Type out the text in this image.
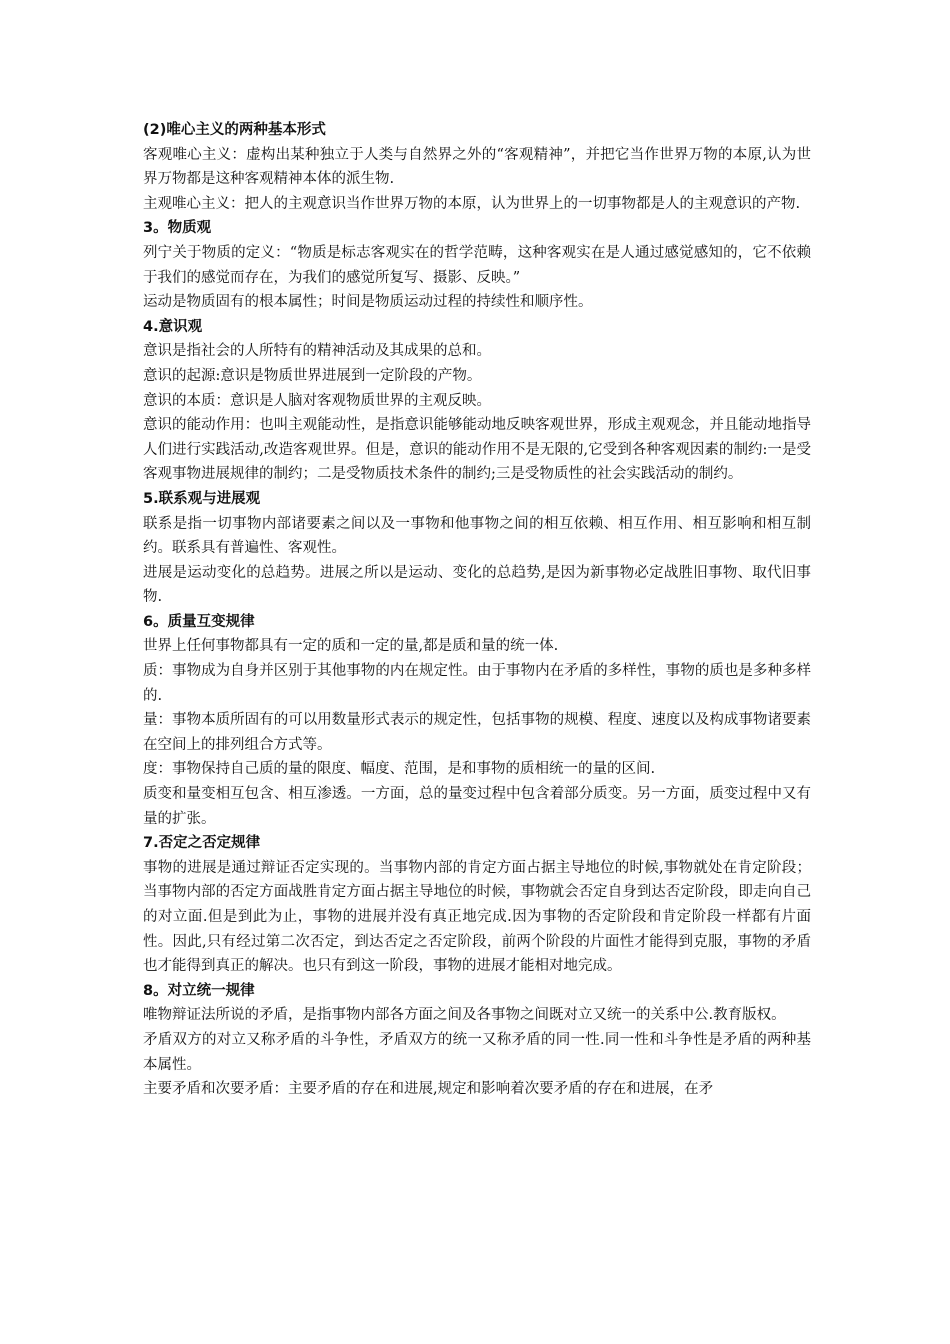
(2)唯心主义的两种基本形式

客观唯心主义：虚构出某种独立于人类与自然界之外的“客观精神”，并把它当作世界万物的本原,认为世界万物都是这种客观精神本体的派生物.

主观唯心主义：把人的主观意识当作世界万物的本原，认为世界上的一切事物都是人的主观意识的产物.

3。物质观

列宁关于物质的定义：“物质是标志客观实在的哲学范畴，这种客观实在是人通过感觉感知的，它不依赖于我们的感觉而存在，为我们的感觉所复写、摄影、反映。”

运动是物质固有的根本属性；时间是物质运动过程的持续性和顺序性。

4.意识观

意识是指社会的人所特有的精神活动及其成果的总和。

意识的起源:意识是物质世界进展到一定阶段的产物。

意识的本质：意识是人脑对客观物质世界的主观反映。

意识的能动作用：也叫主观能动性，是指意识能够能动地反映客观世界，形成主观观念，并且能动地指导人们进行实践活动,改造客观世界。但是，意识的能动作用不是无限的,它受到各种客观因素的制约:一是受客观事物进展规律的制约；二是受物质技术条件的制约;三是受物质性的社会实践活动的制约。

5.联系观与进展观

联系是指一切事物内部诸要素之间以及一事物和他事物之间的相互依赖、相互作用、相互影响和相互制约。联系具有普遍性、客观性。

进展是运动变化的总趋势。进展之所以是运动、变化的总趋势,是因为新事物必定战胜旧事物、取代旧事物.

6。质量互变规律

世界上任何事物都具有一定的质和一定的量,都是质和量的统一体.

质：事物成为自身并区别于其他事物的内在规定性。由于事物内在矛盾的多样性，事物的质也是多种多样的.

量：事物本质所固有的可以用数量形式表示的规定性，包括事物的规模、程度、速度以及构成事物诸要素在空间上的排列组合方式等。

度：事物保持自己质的量的限度、幅度、范围，是和事物的质相统一的量的区间.

质变和量变相互包含、相互渗透。一方面，总的量变过程中包含着部分质变。另一方面，质变过程中又有量的扩张。

7.否定之否定规律

事物的进展是通过辩证否定实现的。当事物内部的肯定方面占据主导地位的时候,事物就处在肯定阶段；当事物内部的否定方面战胜肯定方面占据主导地位的时候，事物就会否定自身到达否定阶段，即走向自己的对立面.但是到此为止，事物的进展并没有真正地完成.因为事物的否定阶段和肯定阶段一样都有片面性。因此,只有经过第二次否定，到达否定之否定阶段，前两个阶段的片面性才能得到克服，事物的矛盾也才能得到真正的解决。也只有到这一阶段，事物的进展才能相对地完成。

8。对立统一规律

唯物辩证法所说的矛盾，是指事物内部各方面之间及各事物之间既对立又统一的关系中公.教育版权。

矛盾双方的对立又称矛盾的斗争性，矛盾双方的统一又称矛盾的同一性.同一性和斗争性是矛盾的两种基本属性。

主要矛盾和次要矛盾：主要矛盾的存在和进展,规定和影响着次要矛盾的存在和进展，在矛
